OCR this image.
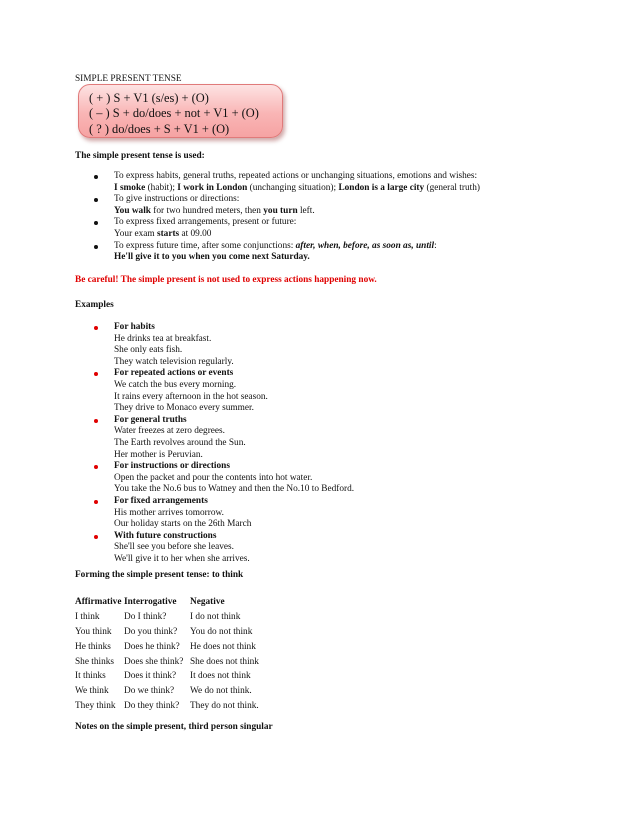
SIMPLE PRESENT TENSE
( + ) S + V1 (s/es) + (O)
( – ) S + do/does + not + V1 + (O)
( ? ) do/does + S + V1 + (O)
The simple present tense is used:
To express habits, general truths, repeated actions or unchanging situations, emotions and wishes:
I smoke (habit); I work in London (unchanging situation); London is a large city (general truth)
To give instructions or directions:
You walk for two hundred meters, then you turn left.
To express fixed arrangements, present or future:
Your exam starts at 09.00
To express future time, after some conjunctions: after, when, before, as soon as, until:
He'll give it to you when you come next Saturday.
Be careful! The simple present is not used to express actions happening now.
Examples
For habits
He drinks tea at breakfast.
She only eats fish.
They watch television regularly.
For repeated actions or events
We catch the bus every morning.
It rains every afternoon in the hot season.
They drive to Monaco every summer.
For general truths
Water freezes at zero degrees.
The Earth revolves around the Sun.
Her mother is Peruvian.
For instructions or directions
Open the packet and pour the contents into hot water.
You take the No.6 bus to Watney and then the No.10 to Bedford.
For fixed arrangements
His mother arrives tomorrow.
Our holiday starts on the 26th March
With future constructions
She'll see you before she leaves.
We'll give it to her when she arrives.
Forming the simple present tense: to think
Affirmative	Interrogative	Negative
I think	Do I think?	I do not think
You think	Do you think?	You do not think
He thinks	Does he think?	He does not think
She thinks	Does she think?	She does not think
It thinks	Does it think?	It does not think
We think	Do we think?	We do not think.
They think	Do they think?	They do not think.
Notes on the simple present, third person singular
